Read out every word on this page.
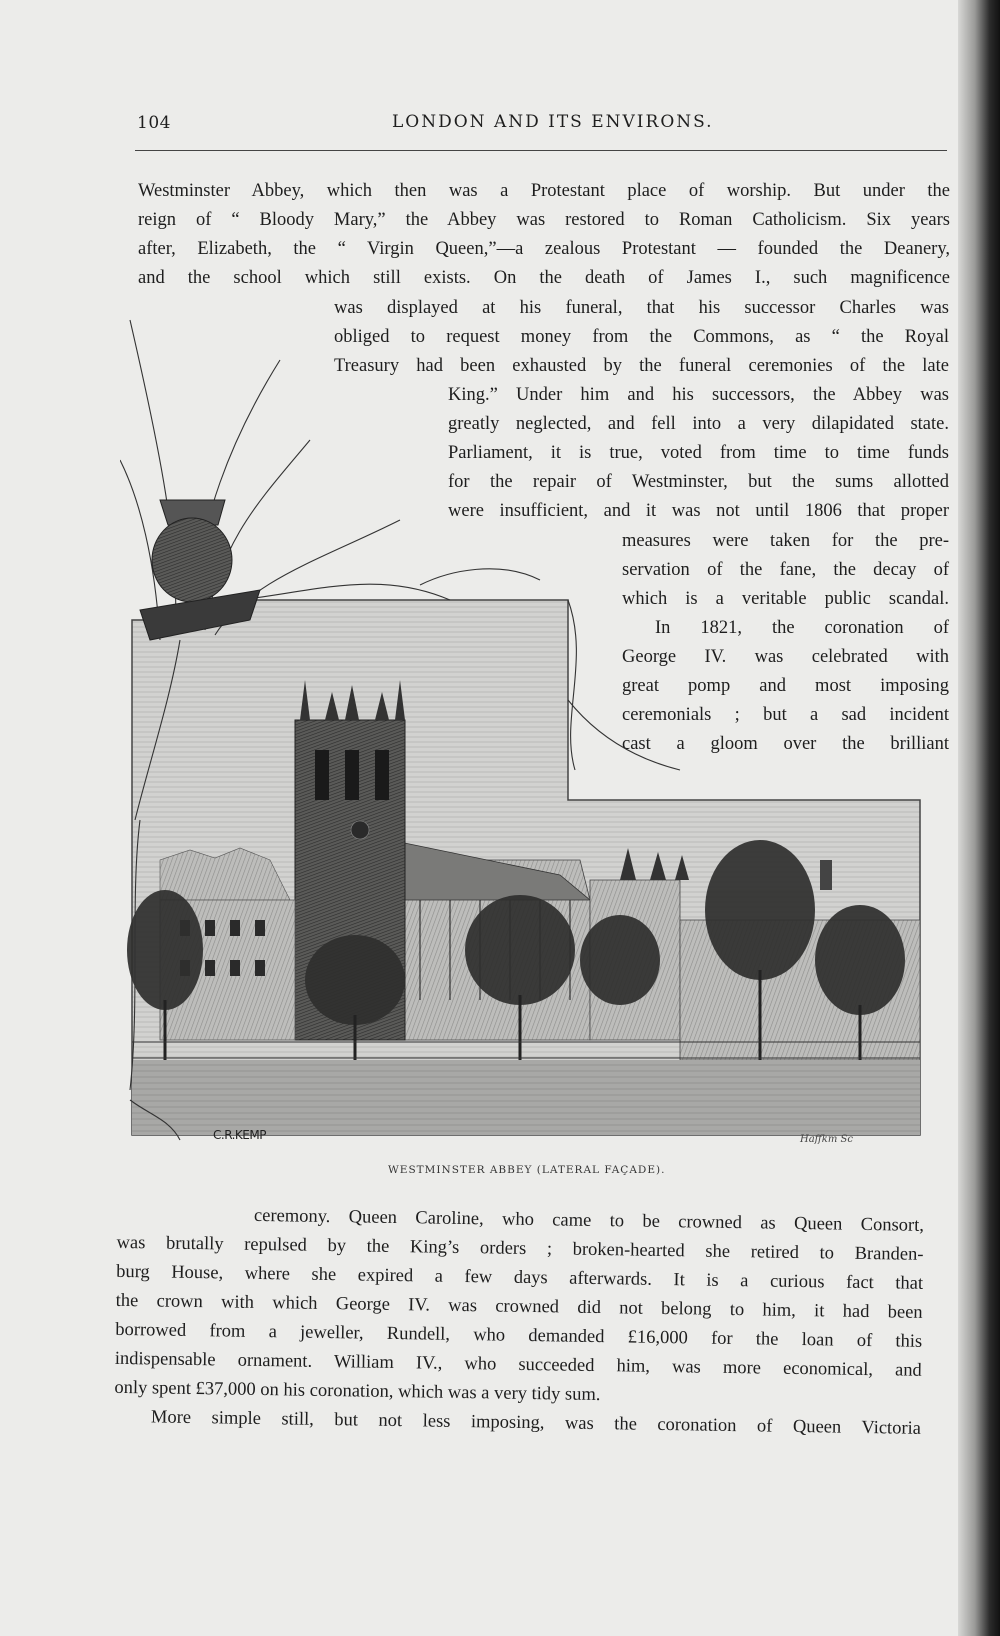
104	LONDON AND ITS ENVIRONS.
Westminster Abbey, which then was a Protestant place of worship. But under the
reign of “ Bloody Mary,” the Abbey was restored to Roman Catholicism. Six years
after, Elizabeth, the “ Virgin Queen,”—a zealous Protestant — founded the Deanery,
and the school which still exists. On the death of James I., such magnificence
was displayed at his funeral, that his successor Charles was
obliged to request money from the Commons, as “ the Royal
Treasury had been exhausted by the funeral ceremonies of the late
King.” Under him and his successors, the Abbey was
greatly neglected, and fell into a very dilapidated state.
Parliament, it is true, voted from time to time funds
for the repair of Westminster, but the sums allotted
were insufficient, and it was not until 1806 that proper
measures were taken for the pre-
servation of the fane, the decay of
which is a veritable public scandal.
In 1821, the coronation of
George IV. was celebrated with
great pomp and most imposing
ceremonials ; but a sad incident
cast a gloom over the brilliant
C.R.KEMP	Haffkm Sc
WESTMINSTER ABBEY (LATERAL FAÇADE).
ceremony. Queen Caroline, who came to be crowned as Queen Consort,
was brutally repulsed by the King’s orders ; broken-hearted she retired to Branden-
burg House, where she expired a few days afterwards. It is a curious fact that
the crown with which George IV. was crowned did not belong to him, it had been
borrowed from a jeweller, Rundell, who demanded £16,000 for the loan of this
indispensable ornament. William IV., who succeeded him, was more economical, and
only spent £37,000 on his coronation, which was a very tidy sum.
More simple still, but not less imposing, was the coronation of Queen Victoria
